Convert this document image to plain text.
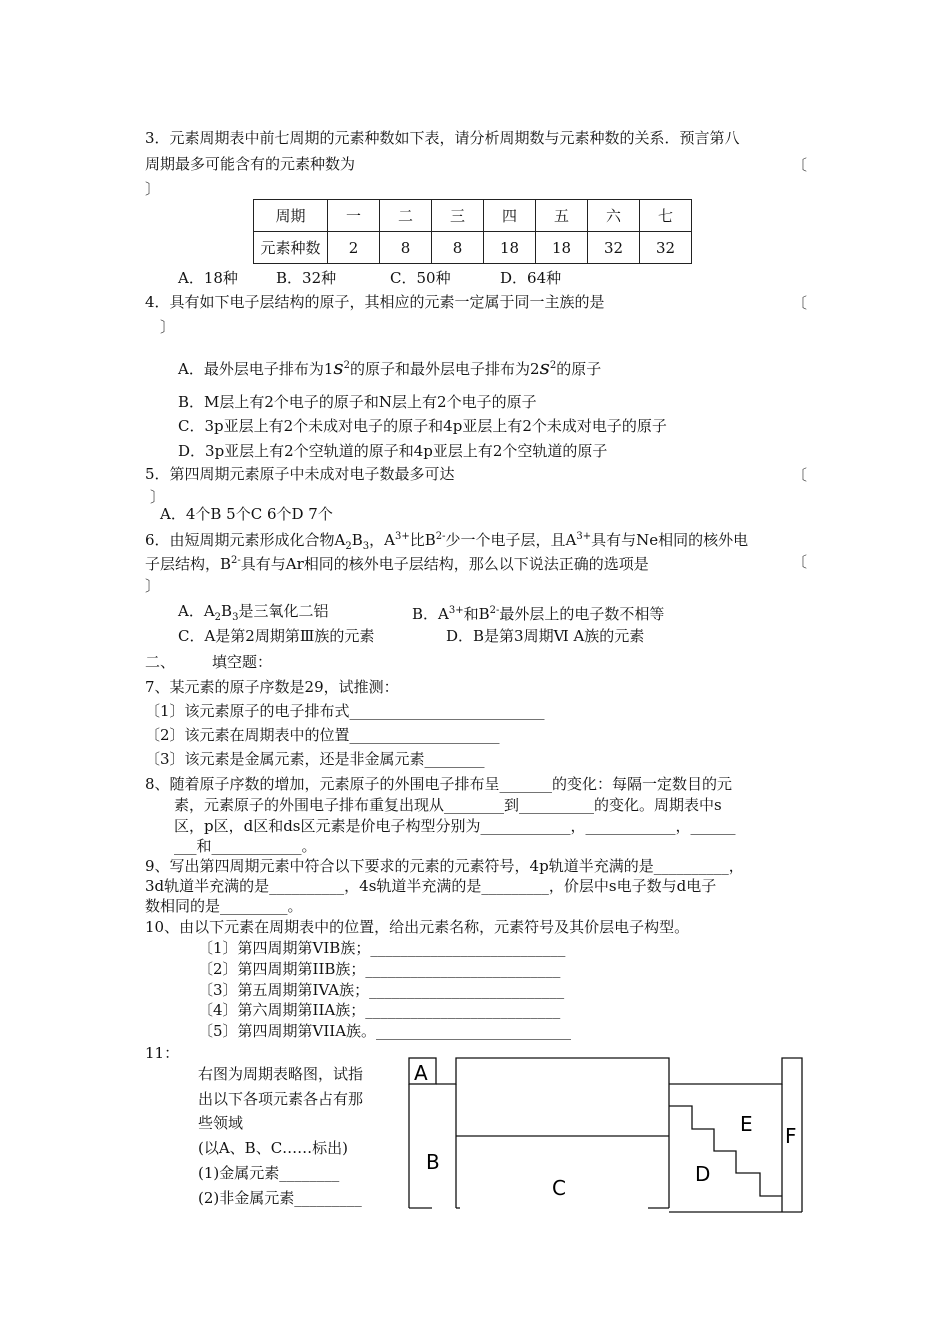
3．元素周期表中前七周期的元素种数如下表，请分析周期数与元素种数的关系．预言第八
周期最多可能含有的元素种数为	〔
〕
周期	一	二	三	四	五	六	七
元素种数	2	8	8	18	18	32	32
A．18种	B．32种	C．50种	D．64种
4．具有如下电子层结构的原子，其相应的元素一定属于同一主族的是	〔
〕
A．最外层电子排布为$1s^2$的原子和最外层电子排布为$2s^2$的原子
B．M层上有2个电子的原子和N层上有2个电子的原子
C．3p亚层上有2个未成对电子的原子和4p亚层上有2个未成对电子的原子
D．3p亚层上有2个空轨道的原子和4p亚层上有2个空轨道的原子
5．第四周期元素原子中未成对电子数最多可达	〔
〕
A．4个B 5个C 6个D 7个
6．由短周期元素形成化合物$A_2B_3$，$A^{3+}$比$B^{2-}$少一个电子层，且$A^{3+}$具有与Ne相同的核外电
子层结构，$B^{2-}$具有与Ar相同的核外电子层结构，那么以下说法正确的选项是	〔
〕
A．$A_2B_3$是三氧化二铝	B．$A^{3+}$和$B^{2-}$最外层上的电子数不相等
C．A是第2周期第Ⅲ族的元素	D．B是第3周期Ⅵ A族的元素
二、 填空题：
7、某元素的原子序数是29，试推测：
〔1〕该元素原子的电子排布式__________________________
〔2〕该元素在周期表中的位置____________________
〔3〕该元素是金属元素，还是非金属元素________
8、随着原子序数的增加，元素原子的外围电子排布呈_______的变化：每隔一定数目的元
素，元素原子的外围电子排布重复出现从________到__________的变化。周期表中s
区，p区，d区和ds区元素是价电子构型分别为____________，____________，______
___和____________。
9、写出第四周期元素中符合以下要求的元素的元素符号，4p轨道半充满的是__________，
3d轨道半充满的是__________，4s轨道半充满的是_________，价层中s电子数与d电子
数相同的是_________。
10、由以下元素在周期表中的位置，给出元素名称，元素符号及其价层电子构型。
〔1〕第四周期第VIB族；__________________________
〔2〕第四周期第IIB族；__________________________
〔3〕第五周期第IVA族；__________________________
〔4〕第六周期第IIA族；__________________________
〔5〕第四周期第VIIA族。__________________________
11：
右图为周期表略图，试指
出以下各项元素各占有那
些领域
(以A、B、C……标出)
(1)金属元素________
(2)非金属元素_________
A
B
C
D
E F
